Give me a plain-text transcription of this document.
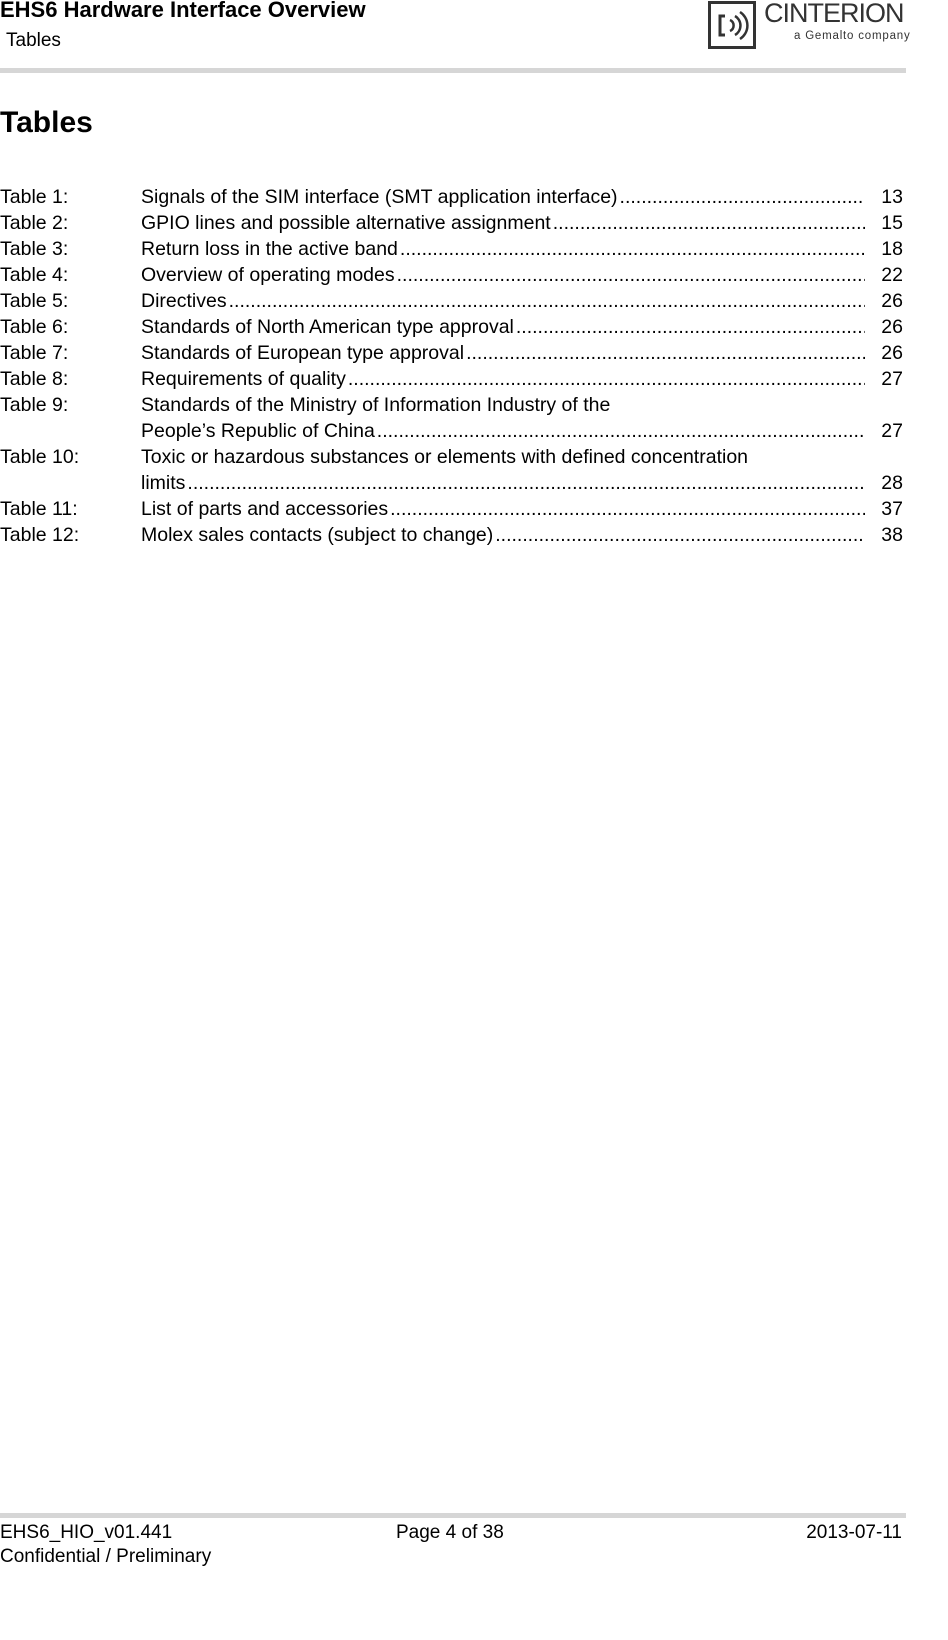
EHS6 Hardware Interface Overview
Tables
CINTERION
a Gemalto company
Tables
Table 1:	Signals of the SIM interface (SMT application interface) .....	13
Table 2:	GPIO lines and possible alternative assignment .....	15
Table 3:	Return loss in the active band .....	18
Table 4:	Overview of operating modes .....	22
Table 5:	Directives .....	26
Table 6:	Standards of North American type approval .....	26
Table 7:	Standards of European type approval .....	26
Table 8:	Requirements of quality .....	27
Table 9:	Standards of the Ministry of Information Industry of the
People’s Republic of China .....	27
Table 10:	Toxic or hazardous substances or elements with defined concentration
limits .....	28
Table 11:	List of parts and accessories .....	37
Table 12:	Molex sales contacts (subject to change) .....	38
EHS6_HIO_v01.441
Confidential / Preliminary
Page 4 of 38	2013-07-11
